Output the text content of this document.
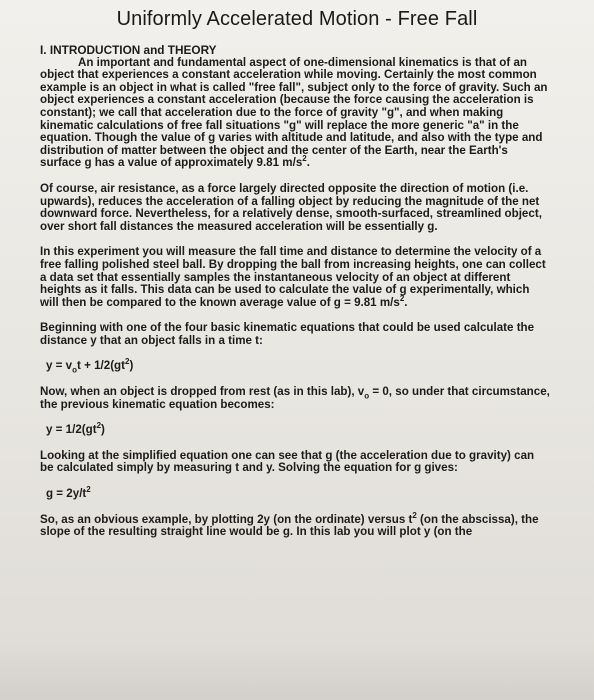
Uniformly Accelerated Motion - Free Fall
I. INTRODUCTION and THEORY

An important and fundamental aspect of one-dimensional kinematics is that of an object that experiences a constant acceleration while moving. Certainly the most common example is an object in what is called "free fall", subject only to the force of gravity. Such an object experiences a constant acceleration (because the force causing the acceleration is constant); we call that acceleration due to the force of gravity "g", and when making kinematic calculations of free fall situations "g" will replace the more generic "a" in the equation. Though the value of g varies with altitude and latitude, and also with the type and distribution of matter between the object and the center of the Earth, near the Earth's surface g has a value of approximately 9.81 $m/s^2$.

Of course, air resistance, as a force largely directed opposite the direction of motion (i.e. upwards), reduces the acceleration of a falling object by reducing the magnitude of the net downward force. Nevertheless, for a relatively dense, smooth-surfaced, streamlined object, over short fall distances the measured acceleration will be essentially g.

In this experiment you will measure the fall time and distance to determine the velocity of a free falling polished steel ball. By dropping the ball from increasing heights, one can collect a data set that essentially samples the instantaneous velocity of an object at different heights as it falls. This data can be used to calculate the value of g experimentally, which will then be compared to the known average value of g = 9.81 $m/s^2$.

Beginning with one of the four basic kinematic equations that could be used calculate the distance y that an object falls in a time t:

$y = v_ot + 1/2(gt^2)$

Now, when an object is dropped from rest (as in this lab), $v_o = 0$, so under that circumstance, the previous kinematic equation becomes:

$y = 1/2(gt^2)$

Looking at the simplified equation one can see that g (the acceleration due to gravity) can be calculated simply by measuring t and y. Solving the equation for g gives:

$g = 2y/t^2$

So, as an obvious example, by plotting 2y (on the ordinate) versus $t^2$ (on the abscissa), the slope of the resulting straight line would be g. In this lab you will plot y (on the
